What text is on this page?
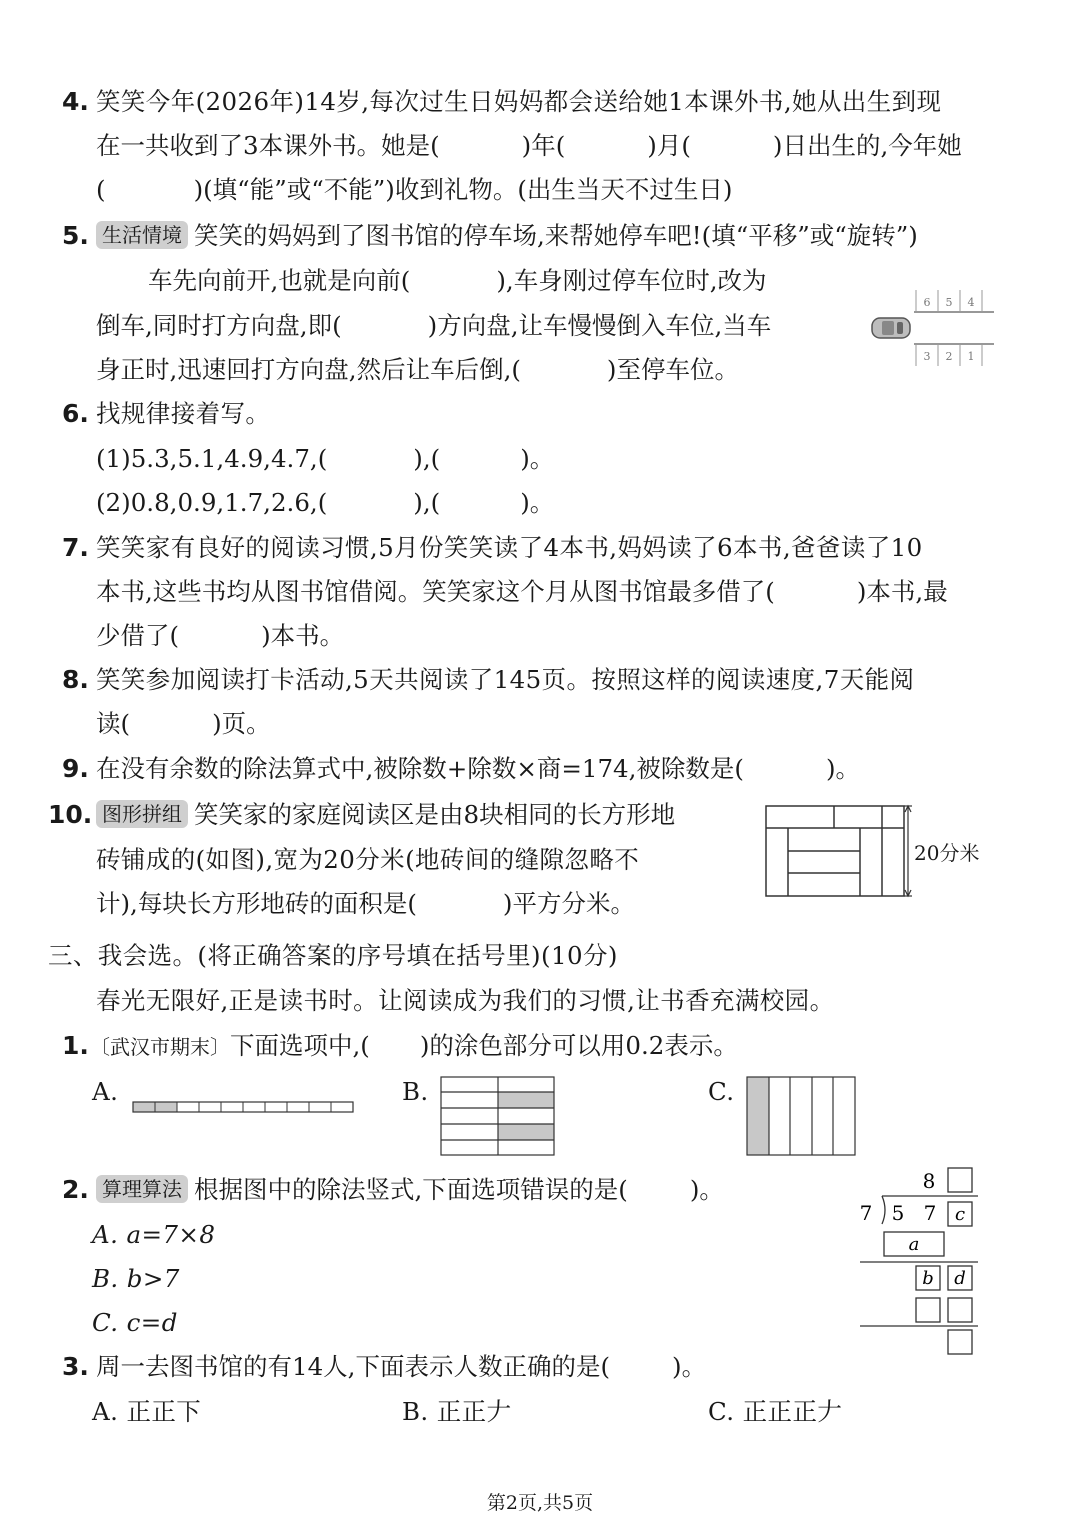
4. 笑笑今年(2026年)14岁,每次过生日妈妈都会送给她1本课外书,她从出生到现
在一共收到了3本课外书。她是(	)年(	)月(	)日出生的,今年她
(	)(填“能”或“不能”)收到礼物。(出生当天不过生日)
5. 生活情境 笑笑的妈妈到了图书馆的停车场,来帮她停车吧!(填“平移”或“旋转”)
车先向前开,也就是向前(	),车身刚过停车位时,改为
倒车,同时打方向盘,即(	)方向盘,让车慢慢倒入车位,当车
身正时,迅速回打方向盘,然后让车后倒,(	)至停车位。
6 5 4
3 2 1
6. 找规律接着写。
(1)5.3,5.1,4.9,4.7,(	),(	)。
(2)0.8,0.9,1.7,2.6,(	),(	)。
7. 笑笑家有良好的阅读习惯,5月份笑笑读了4本书,妈妈读了6本书,爸爸读了10
本书,这些书均从图书馆借阅。笑笑家这个月从图书馆最多借了(	)本书,最
少借了(	)本书。
8. 笑笑参加阅读打卡活动,5天共阅读了145页。按照这样的阅读速度,7天能阅
读(	)页。
9. 在没有余数的除法算式中,被除数+除数×商=174,被除数是(	)。
10. 图形拼组 笑笑家的家庭阅读区是由8块相同的长方形地
砖铺成的(如图),宽为20分米(地砖间的缝隙忽略不
计),每块长方形地砖的面积是(	)平方分米。
20分米
三、我会选。(将正确答案的序号填在括号里)(10分)
春光无限好,正是读书时。让阅读成为我们的习惯,让书香充满校园。
1. 〔武汉市期末〕下面选项中,( )的涂色部分可以用0.2表示。
A.	B.	C.
2. 算理算法 根据图中的除法竖式,下面选项错误的是(	)。
A. a=7×8
B. b>7
C. c=d
8
7 5 7 c
a
b d
3. 周一去图书馆的有14人,下面表示人数正确的是(	)。
A. 正正下	B. 正正𠂇	C. 正正正𠂇
第2页,共5页
